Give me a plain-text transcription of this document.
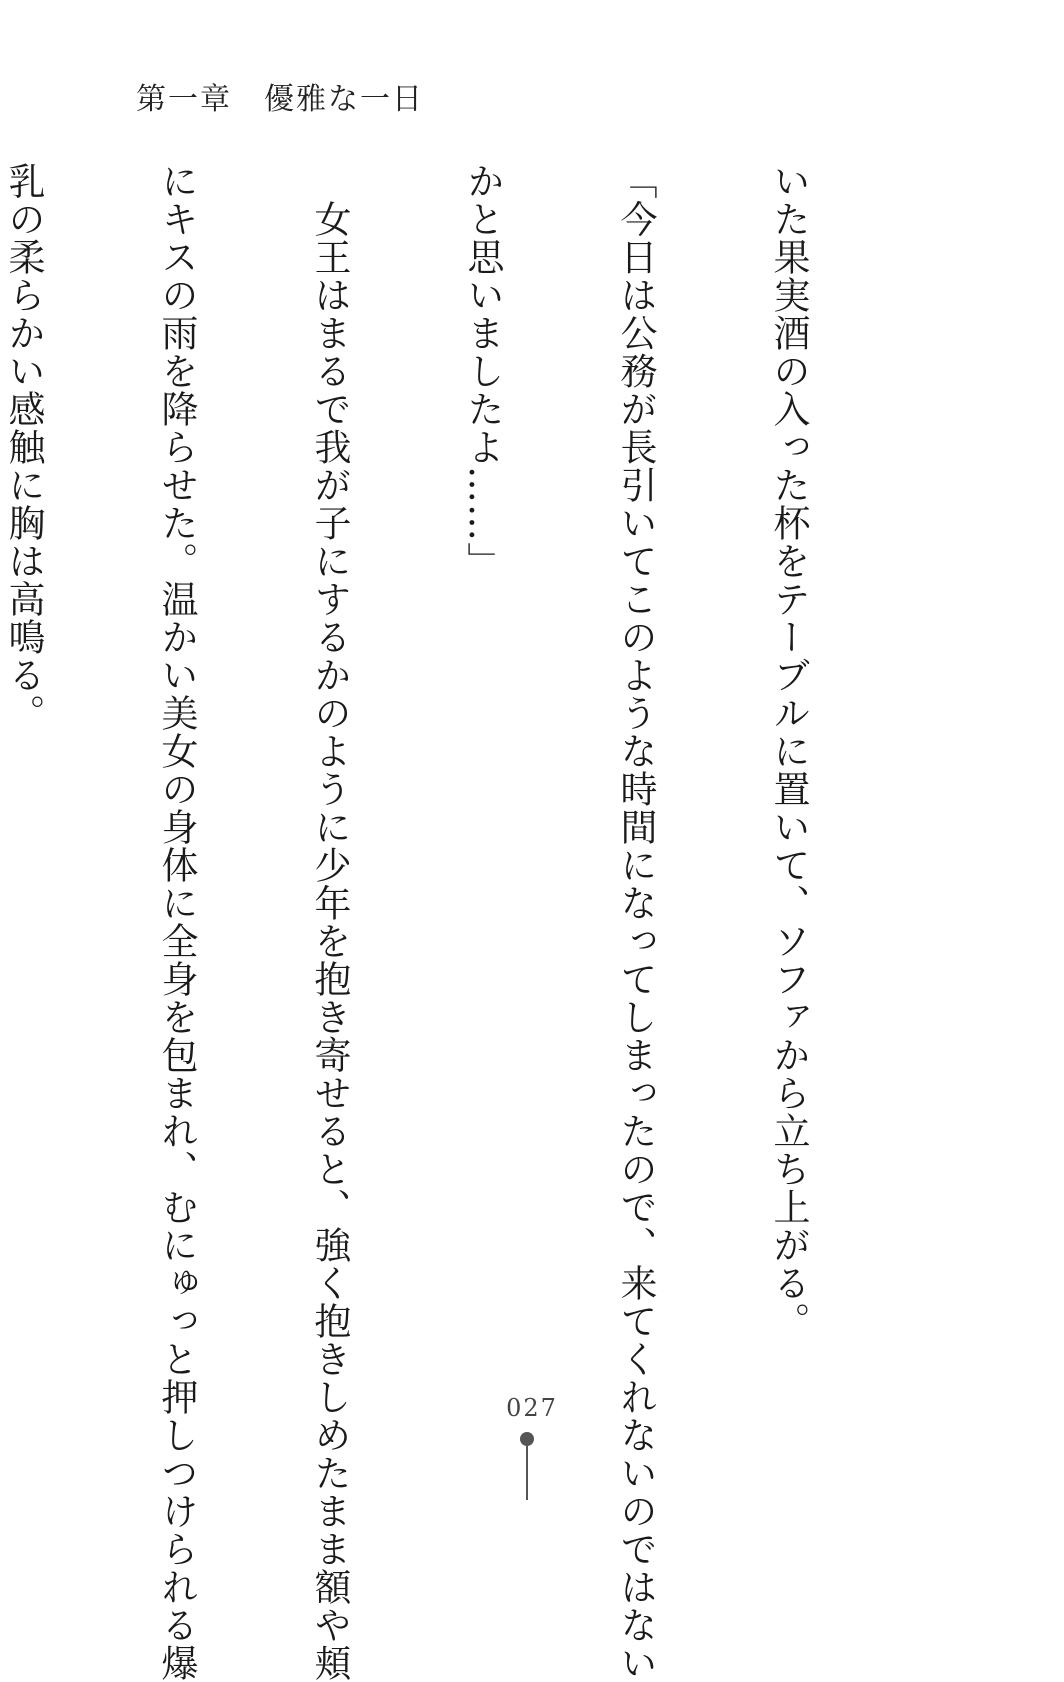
第一章　優雅な一日

いた果実酒の入った杯をテーブルに置いて、ソファから立ち上がる。

「今日は公務が長引いてこのような時間になってしまったので、来てくれないのではない

かと思いましたよ……」

　女王はまるで我が子にするかのように少年を抱き寄せると、強く抱きしめたまま額や頬

にキスの雨を降らせた。温かい美女の身体に全身を包まれ、むにゅっと押しつけられる爆

乳の柔らかい感触に胸は高鳴る。

027
